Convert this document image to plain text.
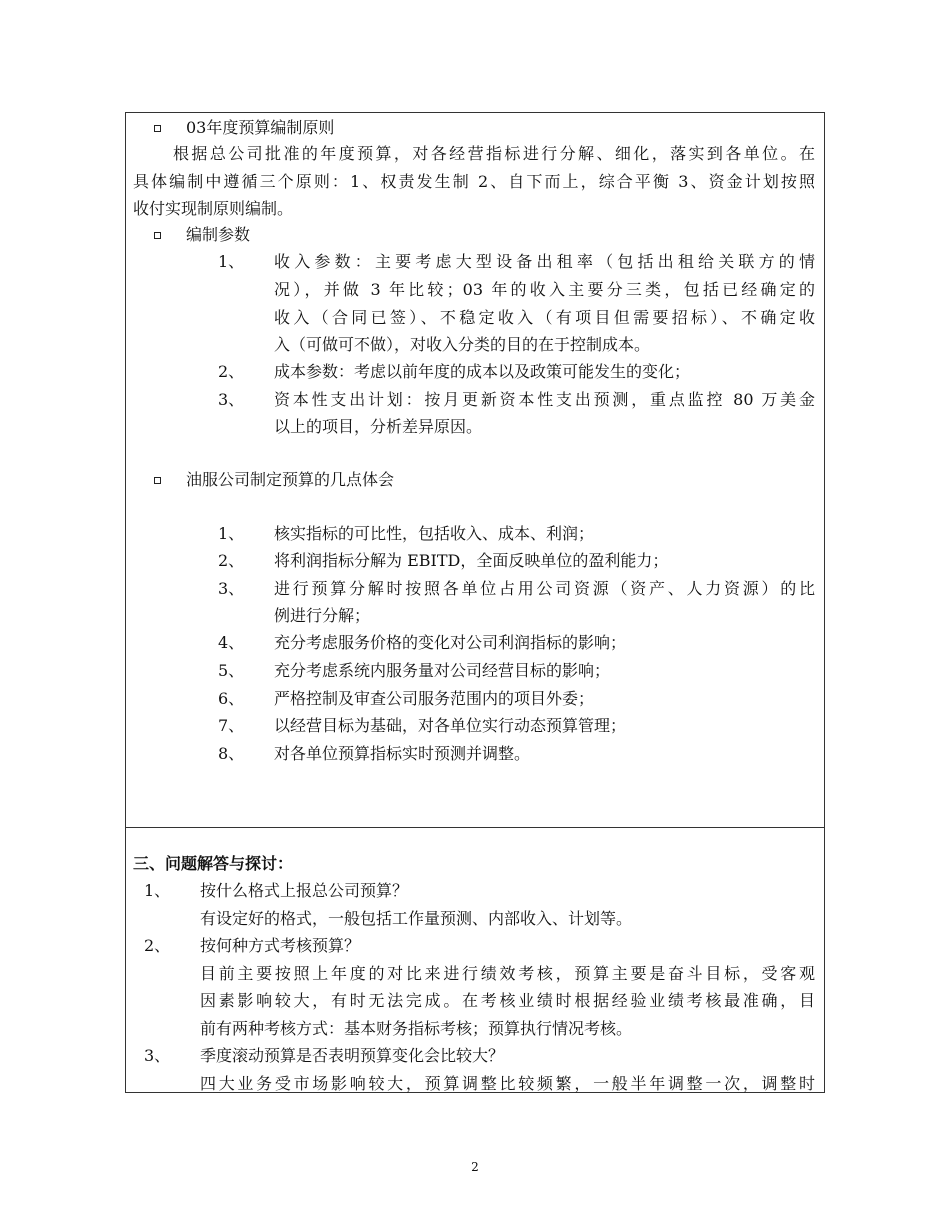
03年度预算编制原则
根据总公司批准的年度预算，对各经营指标进行分解、细化，落实到各单位。在
具体编制中遵循三个原则：1、权责发生制 2、自下而上，综合平衡 3、资金计划按照
收付实现制原则编制。
编制参数
1、 收入参数：主要考虑大型设备出租率（包括出租给关联方的情
况），并做 3 年比较；03 年的收入主要分三类，包括已经确定的
收入（合同已签）、不稳定收入（有项目但需要招标）、不确定收
入（可做可不做），对收入分类的目的在于控制成本。
2、 成本参数：考虑以前年度的成本以及政策可能发生的变化；
3、 资本性支出计划：按月更新资本性支出预测，重点监控 80 万美金
以上的项目，分析差异原因。
油服公司制定预算的几点体会
1、 核实指标的可比性，包括收入、成本、利润；
2、 将利润指标分解为 EBITD，全面反映单位的盈利能力；
3、 进行预算分解时按照各单位占用公司资源（资产、人力资源）的比
例进行分解；
4、 充分考虑服务价格的变化对公司利润指标的影响；
5、 充分考虑系统内服务量对公司经营目标的影响；
6、 严格控制及审查公司服务范围内的项目外委；
7、 以经营目标为基础，对各单位实行动态预算管理；
8、 对各单位预算指标实时预测并调整。
三、问题解答与探讨：
1、 按什么格式上报总公司预算？
有设定好的格式，一般包括工作量预测、内部收入、计划等。
2、 按何种方式考核预算？
目前主要按照上年度的对比来进行绩效考核，预算主要是奋斗目标，受客观
因素影响较大，有时无法完成。在考核业绩时根据经验业绩考核最准确，目
前有两种考核方式：基本财务指标考核；预算执行情况考核。
3、 季度滚动预算是否表明预算变化会比较大？
四大业务受市场影响较大，预算调整比较频繁，一般半年调整一次，调整时
2
